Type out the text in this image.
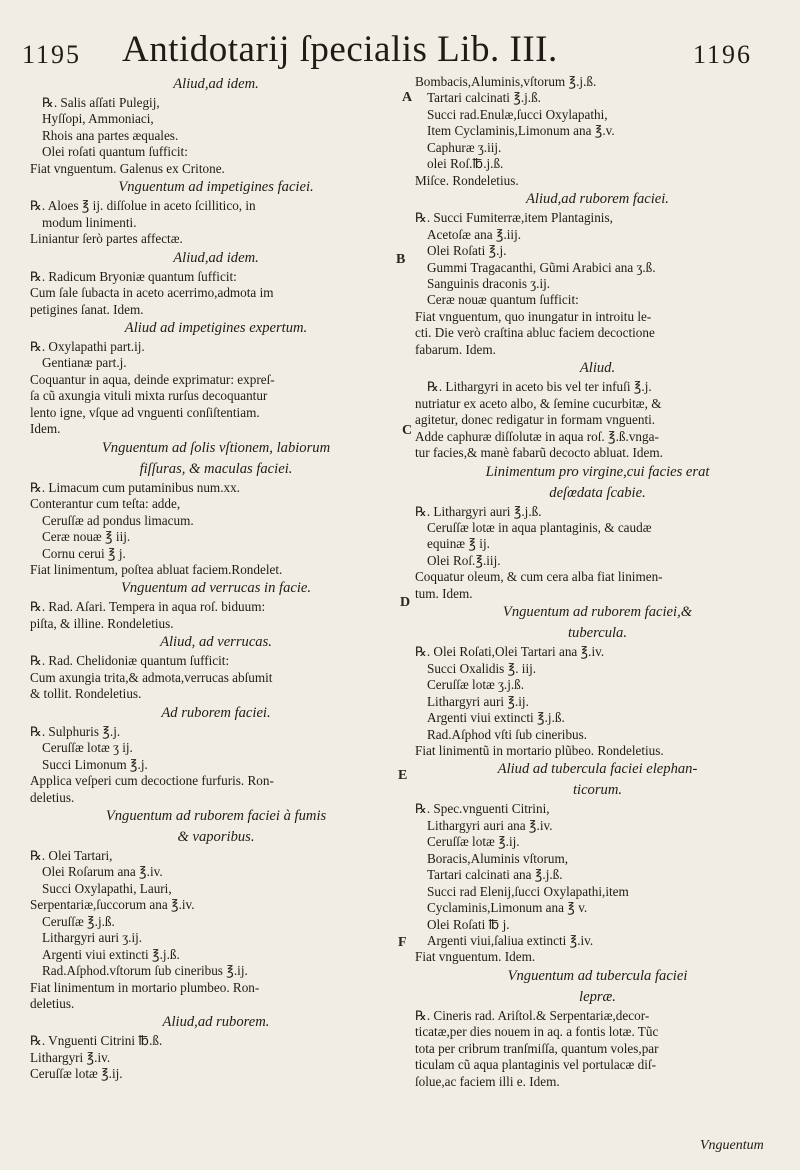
1195 Antidotarij ſpecialis Lib. III.	1196
Aliud,ad idem.
℞. Salis aſſati Pulegij,
Hyſſopi, Ammoniaci,
Rhois ana partes æquales.
Olei roſati quantum ſufficit:
Fiat vnguentum. Galenus ex Critone.
Vnguentum ad impetigines faciei.
℞. Aloes ℥ ij. diſſolue in aceto ſcillitico, in
modum linimenti.
Liniantur ſerò partes affectæ.
Aliud,ad idem.
℞. Radicum Bryoniæ quantum ſufficit:
Cum ſale ſubacta in aceto acerrimo,admota im
petigines ſanat. Idem.
Aliud ad impetigines expertum.
℞. Oxylapathi part.ij.
Gentianæ part.j.
Coquantur in aqua, deinde exprimatur: expreſ-
ſa cũ axungia vituli mixta rurſus decoquantur
lento igne, vſque ad vnguenti conſiſtentiam.
Idem.
Vnguentum ad ſolis vſtionem, labiorum
fiſſuras, & maculas faciei.
℞. Limacum cum putaminibus num.xx.
Conterantur cum teſta: adde,
Ceruſſæ ad pondus limacum.
Ceræ nouæ ℥ iij.
Cornu cerui ℥ j.
Fiat linimentum, poſtea abluat faciem.Rondelet.
Vnguentum ad verrucas in facie.
℞. Rad. Aſari. Tempera in aqua roſ. biduum:
piſta, & illine. Rondeletius.
Aliud, ad verrucas.
℞. Rad. Chelidoniæ quantum ſufficit:
Cum axungia trita,& admota,verrucas abſumit
& tollit. Rondeletius.
Ad ruborem faciei.
℞. Sulphuris ℥.j.
Ceruſſæ lotæ ʒ ij.
Succi Limonum ℥.j.
Applica veſperi cum decoctione furfuris. Ron-
deletius.
Vnguentum ad ruborem faciei à fumis
& vaporibus.
℞. Olei Tartari,
Olei Roſarum ana ℥.iv.
Succi Oxylapathi, Lauri,
Serpentariæ,ſuccorum ana ℥.iv.
Ceruſſæ ℥.j.ß.
Lithargyri auri ʒ.ij.
Argenti viui extincti ℥.j.ß.
Rad.Aſphod.vſtorum ſub cineribus ℥.ij.
Fiat linimentum in mortario plumbeo. Ron-
deletius.
Aliud,ad ruborem.
℞. Vnguenti Citrini ℔.ß.
Lithargyri ℥.iv.
Ceruſſæ lotæ ℥.ij.
Bombacis,Aluminis,vſtorum ℥.j.ß.
Tartari calcinati ℥.j.ß.
Succi rad.Enulæ,ſucci Oxylapathi,
Item Cyclaminis,Limonum ana ℥.v.
Caphuræ ʒ.iij.
olei Roſ.℔.j.ß.
Miſce. Rondeletius.
Aliud,ad ruborem faciei.
℞. Succi Fumiterræ,item Plantaginis,
Acetoſæ ana ℥.iij.
Olei Roſati ℥.j.
Gummi Tragacanthi, Gũmi Arabici ana ʒ.ß.
Sanguinis draconis ʒ.ij.
Ceræ nouæ quantum ſufficit:
Fiat vnguentum, quo inungatur in introitu le-
cti. Die verò craſtina abluc faciem decoctione
fabarum. Idem.
Aliud.
℞. Lithargyri in aceto bis vel ter infuſi ℥.j.
nutriatur ex aceto albo, & ſemine cucurbitæ, &
agitetur, donec redigatur in formam vnguenti.
Adde caphuræ diſſolutæ in aqua roſ. ℥.ß.vnga-
tur facies,& manè fabarũ decocto abluat. Idem.
Linimentum pro virgine,cui facies erat
deſœdata ſcabie.
℞. Lithargyri auri ℥.j.ß.
Ceruſſæ lotæ in aqua plantaginis, & caudæ
equinæ ℥ ij.
Olei Roſ.℥.iij.
Coquatur oleum, & cum cera alba fiat linimen-
tum. Idem.
Vnguentum ad ruborem faciei,&
tubercula.
℞. Olei Roſati,Olei Tartari ana ℥.iv.
Succi Oxalidis ℥. iij.
Ceruſſæ lotæ ʒ.j.ß.
Lithargyri auri ℥.ij.
Argenti viui extincti ℥.j.ß.
Rad.Aſphod vſti ſub cineribus.
Fiat linimentũ in mortario plũbeo. Rondeletius.
Aliud ad tubercula faciei elephan-
ticorum.
℞. Spec.vnguenti Citrini,
Lithargyri auri ana ℥.iv.
Ceruſſæ lotæ ℥.ij.
Boracis,Aluminis vſtorum,
Tartari calcinati ana ℥.j.ß.
Succi rad Elenij,ſucci Oxylapathi,item
Cyclaminis,Limonum ana ℥ v.
Olei Roſati ℔ j.
Argenti viui,ſaliua extincti ℥.iv.
Fiat vnguentum. Idem.
Vnguentum ad tubercula faciei
lepræ.
℞. Cineris rad. Ariſtol.& Serpentariæ,decor-
ticatæ,per dies nouem in aq. a fontis lotæ. Tũc
tota per cribrum tranſmiſſa, quantum voles,par
ticulam cũ aqua plantaginis vel portulacæ diſ-
ſolue,ac faciem illi e. Idem.
A
B
C
D
E
F
Vnguentum
